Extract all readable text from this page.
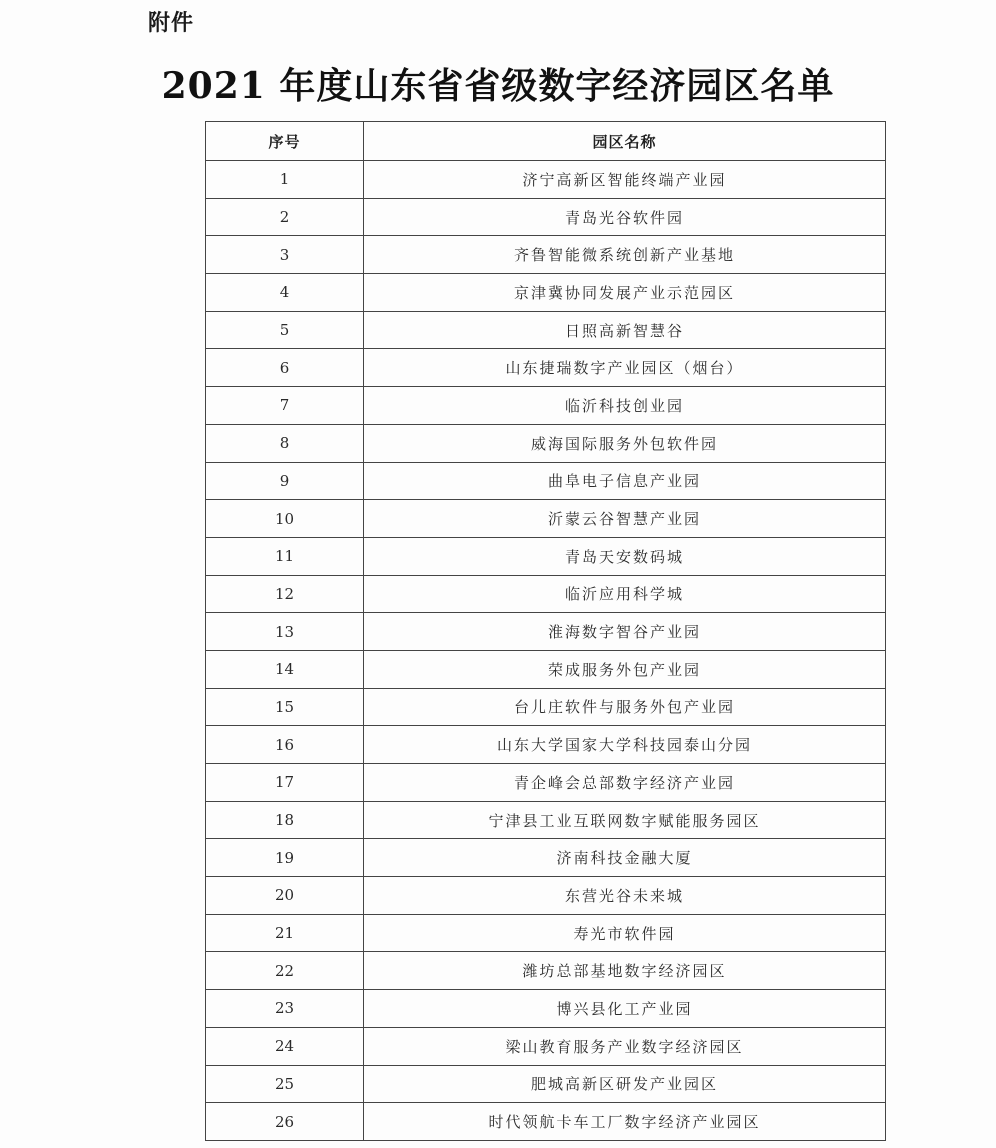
附件
2021 年度山东省省级数字经济园区名单
序号	园区名称
1	济宁高新区智能终端产业园
2	青岛光谷软件园
3	齐鲁智能微系统创新产业基地
4	京津冀协同发展产业示范园区
5	日照高新智慧谷
6	山东捷瑞数字产业园区（烟台）
7	临沂科技创业园
8	威海国际服务外包软件园
9	曲阜电子信息产业园
10	沂蒙云谷智慧产业园
11	青岛天安数码城
12	临沂应用科学城
13	淮海数字智谷产业园
14	荣成服务外包产业园
15	台儿庄软件与服务外包产业园
16	山东大学国家大学科技园泰山分园
17	青企峰会总部数字经济产业园
18	宁津县工业互联网数字赋能服务园区
19	济南科技金融大厦
20	东营光谷未来城
21	寿光市软件园
22	潍坊总部基地数字经济园区
23	博兴县化工产业园
24	梁山教育服务产业数字经济园区
25	肥城高新区研发产业园区
26	时代领航卡车工厂数字经济产业园区
